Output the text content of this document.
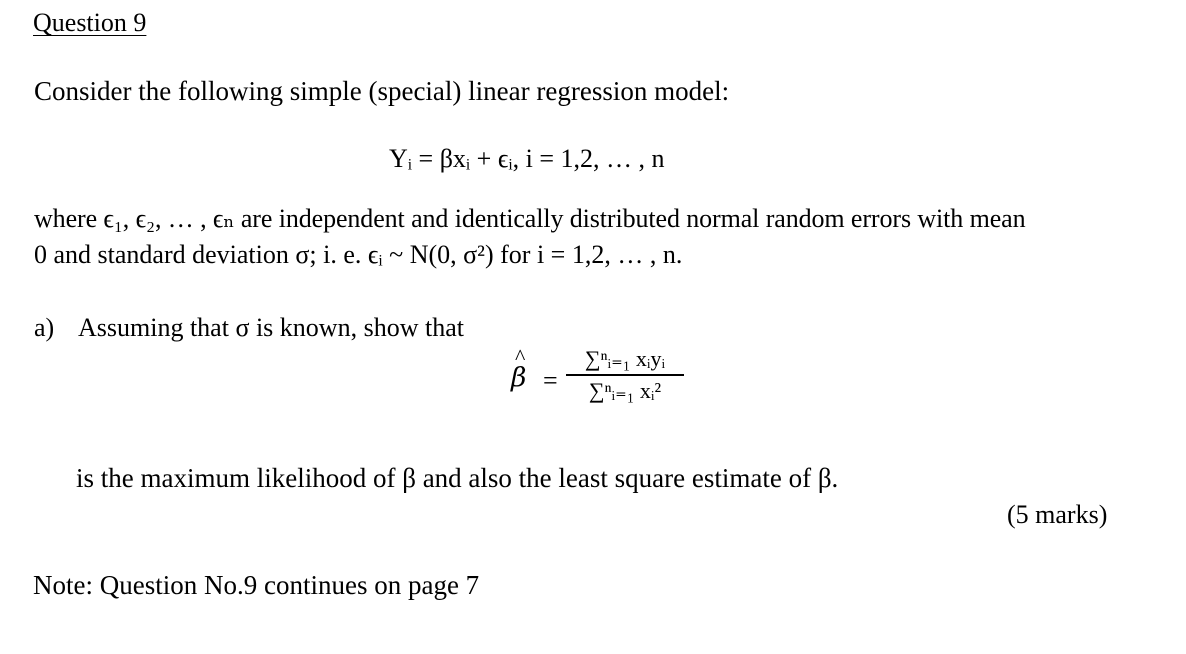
Question 9
Consider the following simple (special) linear regression model:
Yᵢ = βxᵢ + ϵᵢ, i = 1,2, … , n
where ϵ₁, ϵ₂, … , ϵₙ are independent and identically distributed normal random errors with mean
0 and standard deviation σ; i. e. ϵᵢ ~ N(0, σ²) for i = 1,2, … , n.
a) Assuming that σ is known, show that
β
^
=
∑ⁿᵢ₌₁ xᵢyᵢ
∑ⁿᵢ₌₁ xᵢ²
is the maximum likelihood of β and also the least square estimate of β.
(5 marks)
Note: Question No.9 continues on page 7
